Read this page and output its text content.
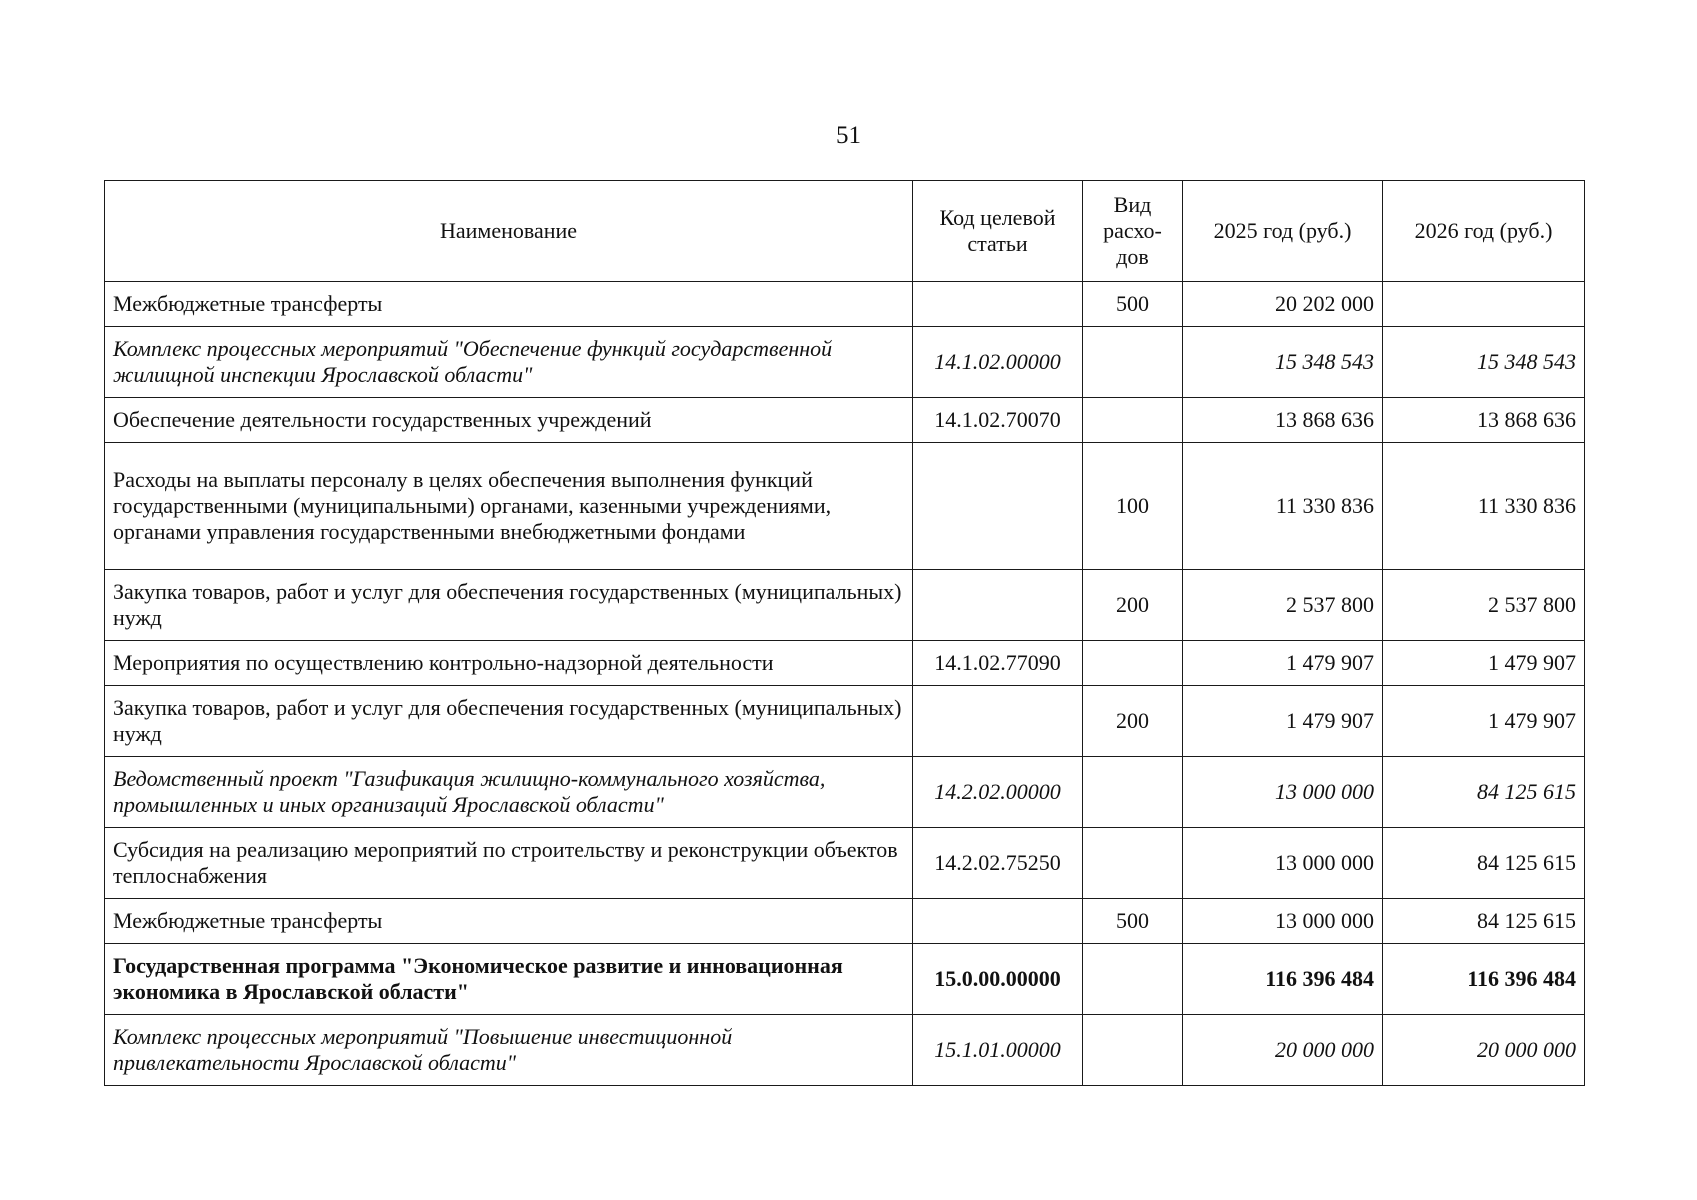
51
Наименование	Код целевой статьи	Вид расхо-дов	2025 год (руб.)	2026 год (руб.)
Межбюджетные трансферты		500	20 202 000	
Комплекс процессных мероприятий "Обеспечение функций государственной жилищной инспекции Ярославской области"	14.1.02.00000		15 348 543	15 348 543
Обеспечение деятельности государственных учреждений	14.1.02.70070		13 868 636	13 868 636
Расходы на выплаты персоналу в целях обеспечения выполнения функций государственными (муниципальными) органами, казенными учреждениями, органами управления государственными внебюджетными фондами		100	11 330 836	11 330 836
Закупка товаров, работ и услуг для обеспечения государственных (муниципальных) нужд		200	2 537 800	2 537 800
Мероприятия по осуществлению контрольно-надзорной деятельности	14.1.02.77090		1 479 907	1 479 907
Закупка товаров, работ и услуг для обеспечения государственных (муниципальных) нужд		200	1 479 907	1 479 907
Ведомственный проект "Газификация жилищно-коммунального хозяйства, промышленных и иных организаций Ярославской области"	14.2.02.00000		13 000 000	84 125 615
Субсидия на реализацию мероприятий по строительству и реконструкции объектов теплоснабжения	14.2.02.75250		13 000 000	84 125 615
Межбюджетные трансферты		500	13 000 000	84 125 615
Государственная программа "Экономическое развитие и инновационная экономика в Ярославской области"	15.0.00.00000		116 396 484	116 396 484
Комплекс процессных мероприятий "Повышение инвестиционной привлекательности Ярославской области"	15.1.01.00000		20 000 000	20 000 000
